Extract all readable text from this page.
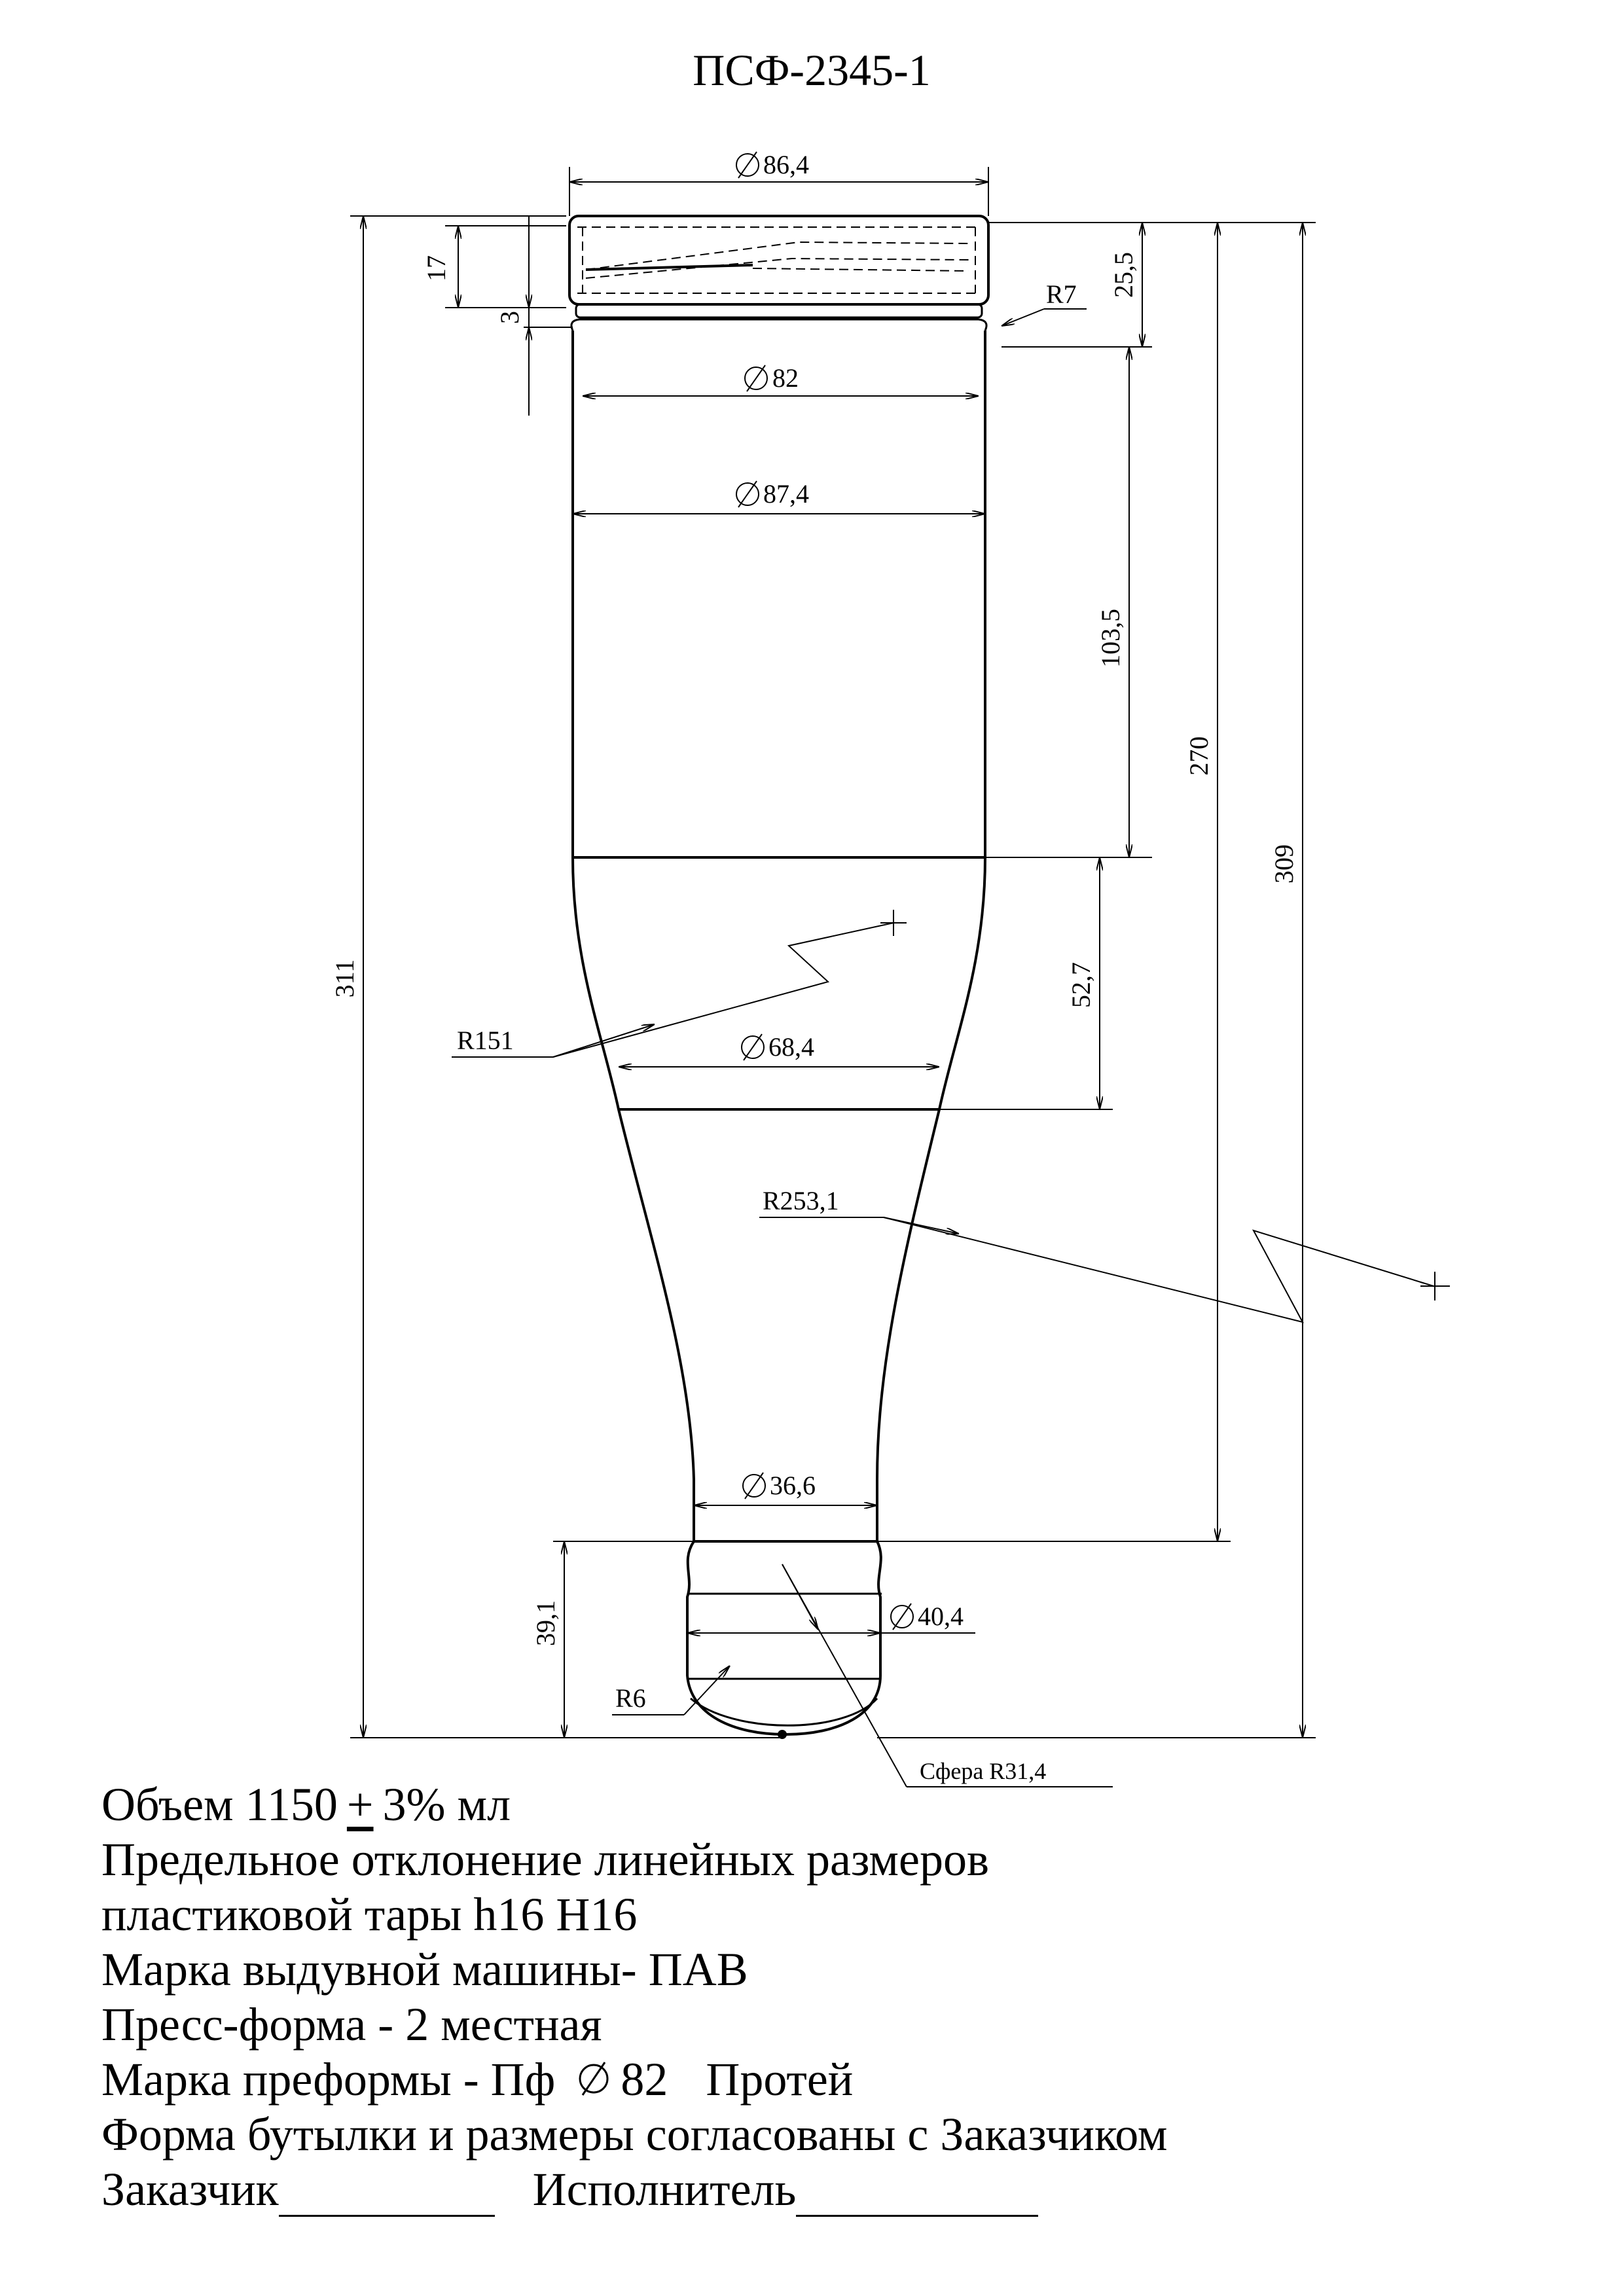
ПСФ-2345-1
86,4
82
87,4
68,4
36,6
40,4
17
3
311
25,5
103,5
52,7
270
309
39,1
R7
R151
R253,1
R6
Сфера R31,4
Объем 1150 + 3% мл
Предельное отклонение линейных размеров
пластиковой тары h16 H16
Марка выдувной машины- ПАВ
Пресс-форма - 2 местная
Марка преформы - Пф 82 Протей
Форма бутылки и размеры согласованы с Заказчиком
Заказчик	Исполнитель
